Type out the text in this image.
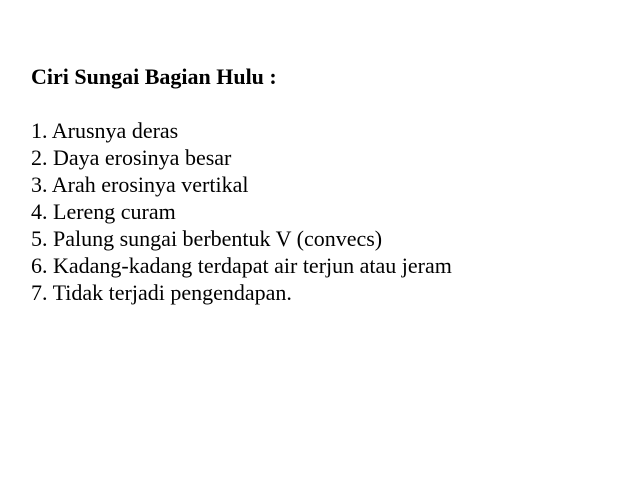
Ciri Sungai Bagian Hulu :

1. Arusnya deras
2. Daya erosinya besar
3. Arah erosinya vertikal
4. Lereng curam
5. Palung sungai berbentuk V (convecs)
6. Kadang-kadang terdapat air terjun atau jeram
7. Tidak terjadi pengendapan.
